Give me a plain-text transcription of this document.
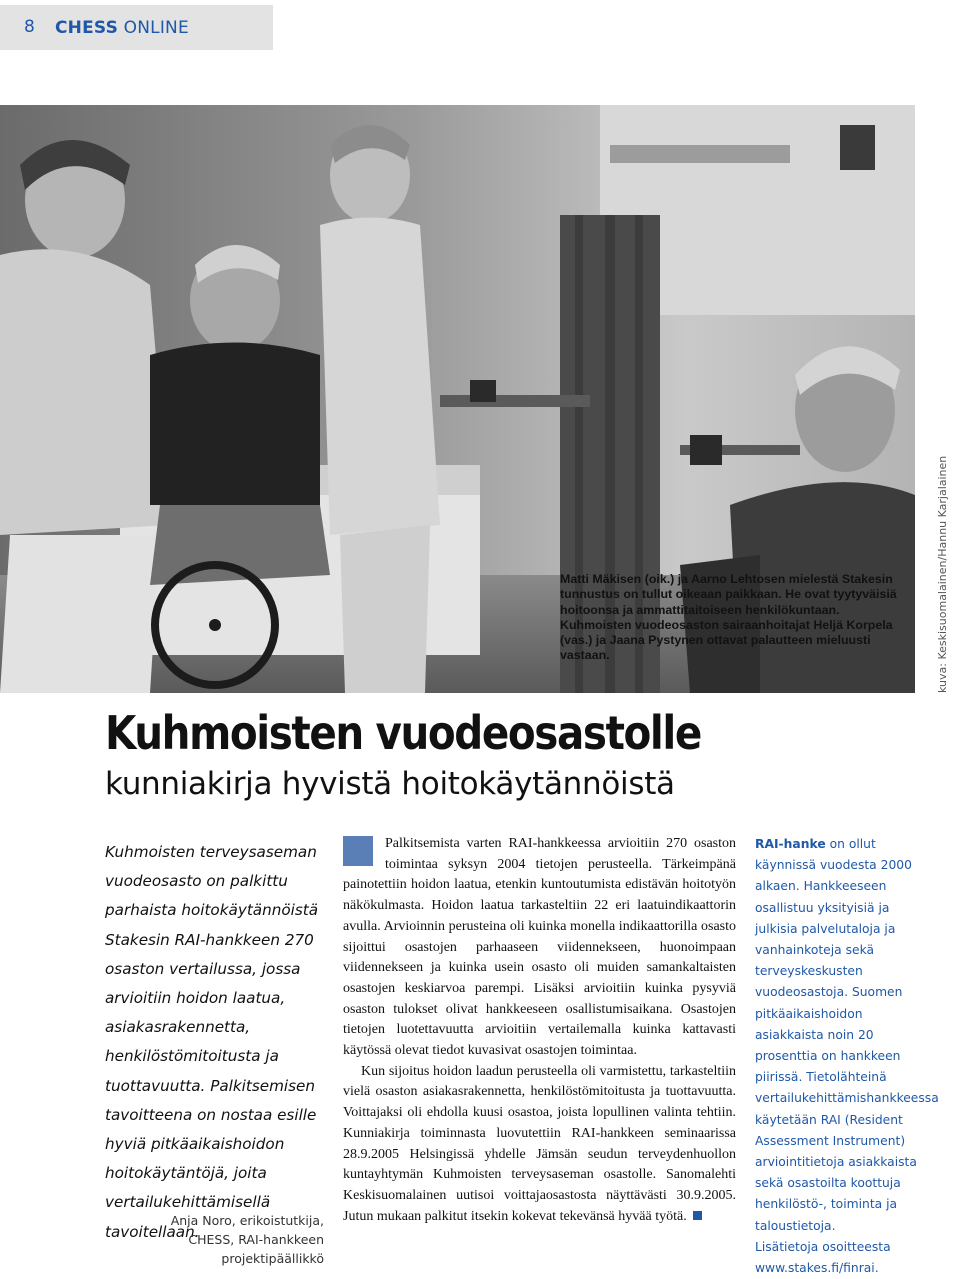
8 CHESS ONLINE
Matti Mäkisen (oik.) ja Aarno Lehtosen mielestä Stakesin tunnustus on tullut oikeaan paikkaan. He ovat tyytyväisiä hoitoonsa ja ammattitaitoiseen henkilökuntaan. Kuhmoisten vuodeosaston sairaanhoitajat Heljä Korpela (vas.) ja Jaana Pystynen ottavat palautteen mieluusti vastaan.	kuva: Keskisuomalainen/Hannu Karjalainen
Kuhmoisten vuodeosastolle
kunniakirja hyvistä hoitokäytännöistä
Kuhmoisten terveysaseman vuodeosasto on palkittu parhaista hoitokäytännöistä Stakesin RAI-hankkeen 270 osaston vertailussa, jossa arvioitiin hoidon laatua, asiakasrakennetta, henkilöstömitoitusta ja tuottavuutta. Palkitsemisen tavoitteena on nostaa esille hyviä pitkäaikaishoidon hoitokäytäntöjä, joita vertailukehittämisellä tavoitellaan.
Anja Noro, erikoistutkija,
CHESS, RAI-hankkeen
projektipäällikkö

Palkitsemista varten RAI-hankkeessa arvioitiin 270 osaston toimintaa syksyn 2004 tietojen perusteella. Tärkeimpänä painotettiin hoidon laatua, etenkin kuntoutumista edistävän hoitotyön näkökulmasta. Hoidon laatua tarkasteltiin 22 eri laatuindikaattorin avulla. Arvioinnin perusteina oli kuinka monella indikaattorilla osasto sijoittui osastojen parhaaseen viidennekseen, huonoimpaan viidennekseen ja kuinka usein osasto oli muiden samankaltaisten osastojen keskiarvoa parempi. Lisäksi arvioitiin kuinka pysyviä osaston tulokset olivat hankkeeseen osallistumisaikana. Osastojen tietojen luotettavuutta arvioitiin vertailemalla kuinka kattavasti käytössä olevat tiedot kuvasivat osastojen toimintaa.

Kun sijoitus hoidon laadun perusteella oli varmistettu, tarkasteltiin vielä osaston asiakasrakennetta, henkilöstömitoitusta ja tuottavuutta. Voittajaksi oli ehdolla kuusi osastoa, joista lopullinen valinta tehtiin. Kunniakirja toiminnasta luovutettiin RAI-hankkeen seminaarissa 28.9.2005 Helsingissä yhdelle Jämsän seudun terveydenhuollon kuntayhtymän Kuhmoisten terveysaseman osastolle. Sanomalehti Keskisuomalainen uutisoi voittajaosastosta näyttävästi 30.9.2005. Jutun mukaan palkitut itsekin kokevat tekevänsä hyvää työtä.

RAI-hanke on ollut käynnissä vuodesta 2000 alkaen. Hankkeeseen osallistuu yksityisiä ja julkisia palvelutaloja ja vanhainkoteja sekä terveyskeskusten vuodeosastoja. Suomen pitkäaikaishoidon asiakkaista noin 20 prosenttia on hankkeen piirissä. Tietolähteinä vertailukehittämishankkeessa käytetään RAI (Resident Assessment Instrument) arviointitietoja asiakkaista sekä osastoilta koottuja henkilöstö-, toiminta ja taloustietoja.

Lisätietoja osoitteesta

www.stakes.fi/finrai.
